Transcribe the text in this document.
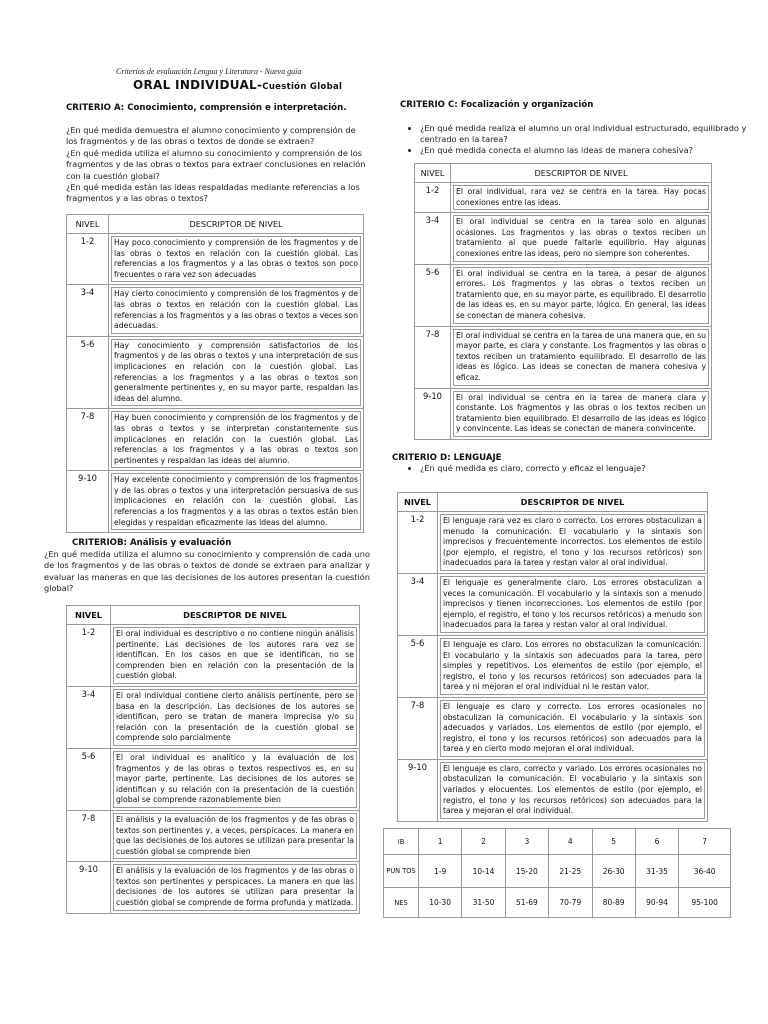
Criterios de evaluación Lengua y Literatura - Nueva guía
ORAL INDIVIDUAL-Cuestión Global
CRITERIO A: Conocimiento, comprensión e interpretación.
¿En qué medida demuestra el alumno conocimiento y comprensión de los fragmentos y de las obras o textos de donde se extraen?
¿En qué medida utiliza el alumno su conocimiento y comprensión de los fragmentos y de las obras o textos para extraer conclusiones en relación con la cuestión global?
¿En qué medida están las ideas respaldadas mediante referencias a los fragmentos y a las obras o textos?
NIVEL	DESCRIPTOR DE NIVEL
1-2	Hay poco conocimiento y comprensión de los fragmentos y de las obras o textos en relación con la cuestión global. Las referencias a los fragmentos y a las obras o textos son poco frecuentes o rara vez son adecuadas

3-4	Hay cierto conocimiento y comprensión de los fragmentos y de las obras o textos en relación con la cuestión global. Las referencias a los fragmentos y a las obras o textos a veces son adecuadas.

5-6	Hay conocimiento y comprensión satisfactorios de los fragmentos y de las obras o textos y una interpretación de sus implicaciones en relación con la cuestión global. Las referencias a los fragmentos y a las obras o textos son generalmente pertinentes y, en su mayor parte, respaldan las ideas del alumno.

7-8	Hay buen conocimiento y comprensión de los fragmentos y de las obras o textos y se interpretan constantemente sus implicaciones en relación con la cuestión global. Las referencias a los fragmentos y a las obras o textos son pertinentes y respaldan las ideas del alumno.

9-10	Hay excelente conocimiento y comprensión de los fragmentos y de las obras o textos y una interpretación persuasiva de sus implicaciones en relación con la cuestión global. Las referencias a los fragmentos y a las obras o textos están bien elegidas y respaldan eficazmente las ideas del alumno.
CRITERIOB: Análisis y evaluación
¿En qué medida utiliza el alumno su conocimiento y comprensión de cada uno de los fragmentos y de las obras o textos de donde se extraen para analizar y evaluar las maneras en que las decisiones de los autores presentan la cuestión global?
NIVEL	DESCRIPTOR DE NIVEL
1-2	El oral individual es descriptivo o no contiene ningún análisis pertinente. Las decisiones de los autores rara vez se identifican. En los casos en que se identifican, no se comprenden bien en relación con la presentación de la cuestión global.

3-4	El oral individual contiene cierto análisis pertinente, pero se basa en la descripción. Las decisiones de los autores se identifican, pero se tratan de manera imprecisa y/o su relación con la presentación de la cuestión global se comprende solo parcialmente

5-6	El oral individual es analítico y la evaluación de los fragmentos y de las obras o textos respectivos es, en su mayor parte, pertinente. Las decisiones de los autores se identifican y su relación con la presentación de la cuestión global se comprende razonablemente bien

7-8	El análisis y la evaluación de los fragmentos y de las obras o textos son pertinentes y, a veces, perspicaces. La manera en que las decisiones de los autores se utilizan para presentar la cuestión global se comprende bien

9-10	El análisis y la evaluación de los fragmentos y de las obras o textos son pertinentes y perspicaces. La manera en que las decisiones de los autores se utilizan para presentar la cuestión global se comprende de forma profunda y matizada.
CRITERIO C: Focalización y organización
• ¿En qué medida realiza el alumno un oral individual estructurado, equilibrado y centrado en la tarea?
• ¿En qué medida conecta el alumno las ideas de manera cohesiva?
NIVEL	DESCRIPTOR DE NIVEL
1-2	El oral individual, rara vez se centra en la tarea. Hay pocas conexiones entre las ideas.

3-4	El oral individual se centra en la tarea solo en algunas ocasiones. Los fragmentos y las obras o textos reciben un tratamiento al que puede faltarle equilibrio. Hay algunas conexiones entre las ideas, pero no siempre son coherentes.

5-6	El oral individual se centra en la tarea, a pesar de algunos errores. Los fragmentos y las obras o textos reciben un tratamiento que, en su mayor parte, es equilibrado. El desarrollo de las ideas es, en su mayor parte, lógico. En general, las ideas se conectan de manera cohesiva.

7-8	El oral individual se centra en la tarea de una manera que, en su mayor parte, es clara y constante. Los fragmentos y las obras o textos reciben un tratamiento equilibrado. El desarrollo de las ideas es lógico. Las ideas se conectan de manera cohesiva y eficaz.

9-10	El oral individual se centra en la tarea de manera clara y constante. Los fragmentos y las obras o los textos reciben un tratamiento bien equilibrado. El desarrollo de las ideas es lógico y convincente. Las ideas se conectan de manera convincente.
CRITERIO D: LENGUAJE
• ¿En qué medida es claro, correcto y eficaz el lenguaje?
NIVEL	DESCRIPTOR DE NIVEL
1-2	El lenguaje rara vez es claro o correcto. Los errores obstaculizan a menudo la comunicación. El vocabulario y la sintaxis son imprecisos y frecuentemente incorrectos. Los elementos de estilo (por ejemplo, el registro, el tono y los recursos retóricos) son inadecuados para la tarea y restan valor al oral individual.

3-4	El lenguaje es generalmente claro. Los errores obstaculizan a veces la comunicación. El vocabulario y la sintaxis son a menudo imprecisos y tienen incorrecciones. Los elementos de estilo (por ejemplo, el registro, el tono y los recursos retóricos) a menudo son inadecuados para la tarea y restan valor al oral individual.

5-6	El lenguaje es claro. Los errores no obstaculizan la comunicación. El vocabulario y la sintaxis son adecuados para la tarea, pero simples y repetitivos. Los elementos de estilo (por ejemplo, el registro, el tono y los recursos retóricos) son adecuados para la tarea y ni mejoran el oral individual ni le restan valor.

7-8	El lenguaje es claro y correcto. Los errores ocasionales no obstaculizan la comunicación. El vocabulario y la sintaxis son adecuados y variados. Los elementos de estilo (por ejemplo, el registro, el tono y los recursos retóricos) son adecuados para la tarea y en cierto modo mejoran el oral individual.

9-10	El lenguaje es claro, correcto y variado. Los errores ocasionales no obstaculizan la comunicación. El vocabulario y la sintaxis son variados y elocuentes. Los elementos de estilo (por ejemplo, el registro, el tono y los recursos retóricos) son adecuados para la tarea y mejoran el oral individual.
IB	1	2	3	4	5	6	7
PUN TOS	1-9	10-14	15-20	21-25	26-30	31-35	36-40
NES	10-30	31-50	51-69	70-79	80-89	90-94	95-100
